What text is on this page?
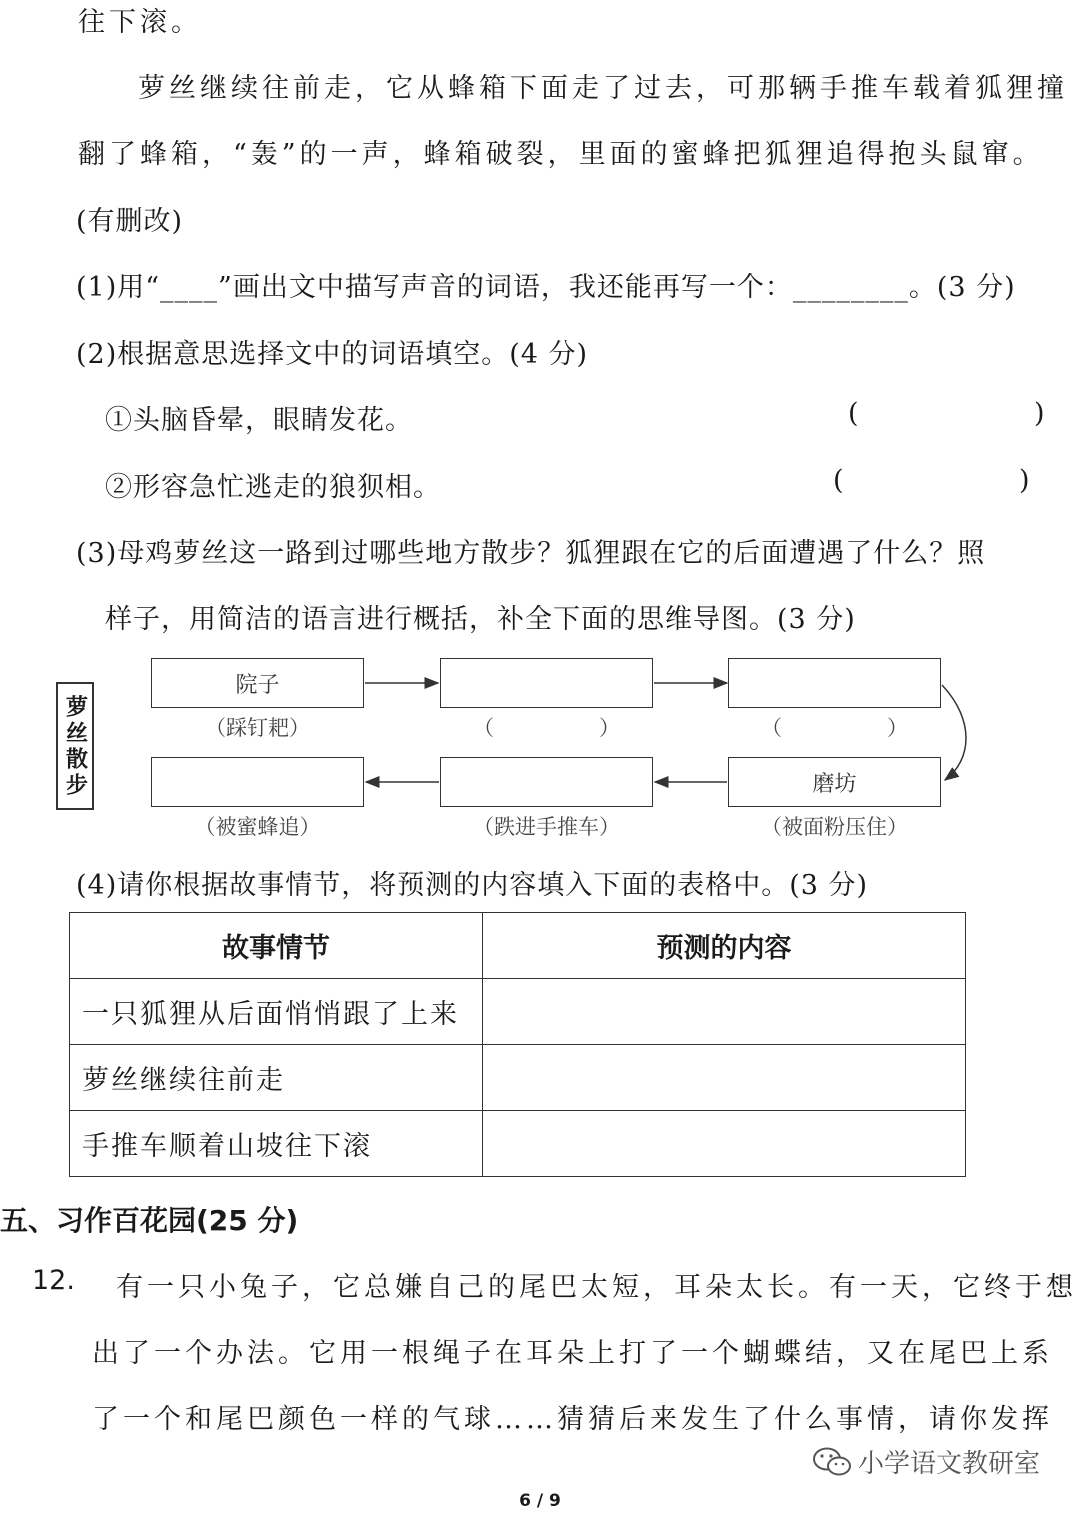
往下滚。
萝丝继续往前走，它从蜂箱下面走了过去，可那辆手推车载着狐狸撞
翻了蜂箱，“轰”的一声，蜂箱破裂，里面的蜜蜂把狐狸追得抱头鼠窜。
(有删改)
(1)用“____”画出文中描写声音的词语，我还能再写一个：________。(3 分)
(2)根据意思选择文中的词语填空。(4 分)
①头脑昏晕，眼睛发花。	(	)
②形容急忙逃走的狼狈相。	(	)
(3)母鸡萝丝这一路到过哪些地方散步？狐狸跟在它的后面遭遇了什么？照
样子，用简洁的语言进行概括，补全下面的思维导图。(3 分)
萝丝散步
院子
磨坊
（踩钉耙）	（　　　　　）	（　　　　　）
（被蜜蜂追）	（跌进手推车）	（被面粉压住）
(4)请你根据故事情节，将预测的内容填入下面的表格中。(3 分)
故事情节	预测的内容
一只狐狸从后面悄悄跟了上来	
萝丝继续往前走	
手推车顺着山坡往下滚	
五、习作百花园(25 分)
12. 有一只小兔子，它总嫌自己的尾巴太短，耳朵太长。有一天，它终于想
出了一个办法。它用一根绳子在耳朵上打了一个蝴蝶结，又在尾巴上系
了一个和尾巴颜色一样的气球……猜猜后来发生了什么事情，请你发挥
小学语文教研室
6 / 9
